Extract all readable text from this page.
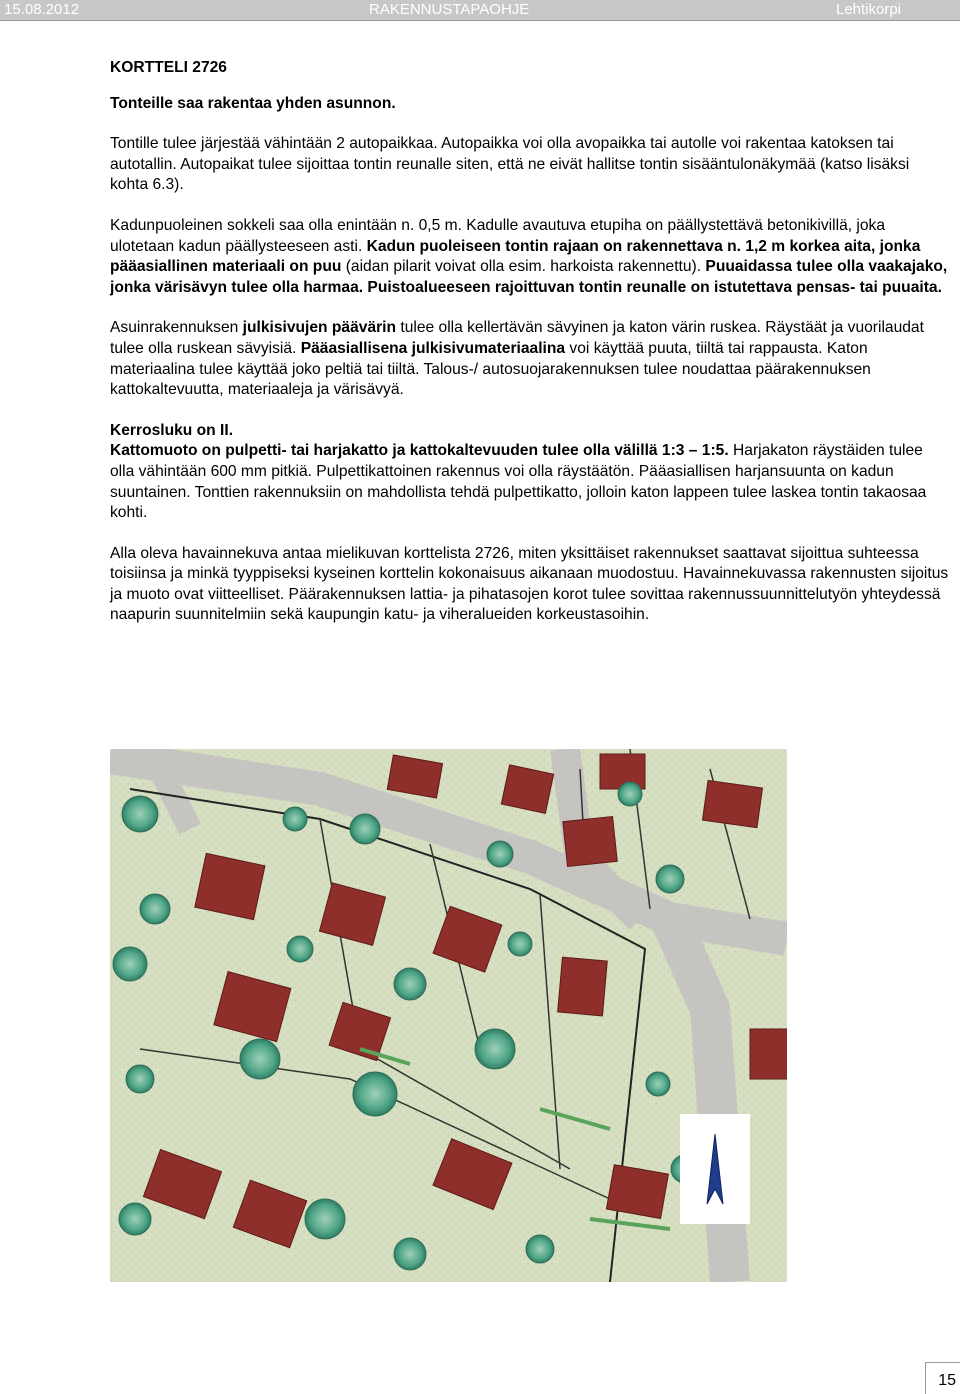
15.08.2012	RAKENNUSTAPAOHJE	Lehtikorpi

KORTTELI 2726

Tonteille saa rakentaa yhden asunnon.

Tontille tulee järjestää vähintään 2 autopaikkaa. Autopaikka voi olla avopaikka tai autolle voi rakentaa katoksen tai autotallin. Autopaikat tulee sijoittaa tontin reunalle siten, että ne eivät hallitse tontin sisääntulonäkymää (katso lisäksi kohta 6.3).

Kadunpuoleinen sokkeli saa olla enintään n. 0,5 m. Kadulle avautuva etupiha on päällystettävä betonikivillä, joka ulotetaan kadun päällysteeseen asti. Kadun puoleiseen tontin rajaan on rakennettava n. 1,2 m korkea aita, jonka pääasiallinen materiaali on puu (aidan pilarit voivat olla esim. harkoista rakennettu). Puuaidassa tulee olla vaakajako, jonka värisävyn tulee olla harmaa. Puistoalueeseen rajoittuvan tontin reunalle on istutettava pensas- tai puuaita.

Asuinrakennuksen julkisivujen päävärin tulee olla kellertävän sävyinen ja katon värin ruskea. Räystäät ja vuorilaudat tulee olla ruskean sävyisiä. Pääasiallisena julkisivumateriaalina voi käyttää puuta, tiiltä tai rappausta. Katon materiaalina tulee käyttää joko peltiä tai tiiltä. Talous-/ autosuojarakennuksen tulee noudattaa päärakennuksen kattokaltevuutta, materiaaleja ja värisävyä.

Kerrosluku on II.

Kattomuoto on pulpetti- tai harjakatto ja kattokaltevuuden tulee olla välillä 1:3 – 1:5. Harjakaton räystäiden tulee olla vähintään 600 mm pitkiä. Pulpettikattoinen rakennus voi olla räystäätön. Pääasiallisen harjansuunta on kadun suuntainen. Tonttien rakennuksiin on mahdollista tehdä pulpettikatto, jolloin katon lappeen tulee laskea tontin takaosaa kohti.

Alla oleva havainnekuva antaa mielikuvan korttelista 2726, miten yksittäiset rakennukset saattavat sijoittua suhteessa toisiinsa ja minkä tyyppiseksi kyseinen korttelin kokonaisuus aikanaan muodostuu. Havainnekuvassa rakennusten sijoitus ja muoto ovat viitteelliset. Päärakennuksen lattia- ja pihatasojen korot tulee sovittaa rakennussuunnittelutyön yhteydessä naapurin suunnitelmiin sekä kaupungin katu- ja viheralueiden korkeustasoihin.

15
